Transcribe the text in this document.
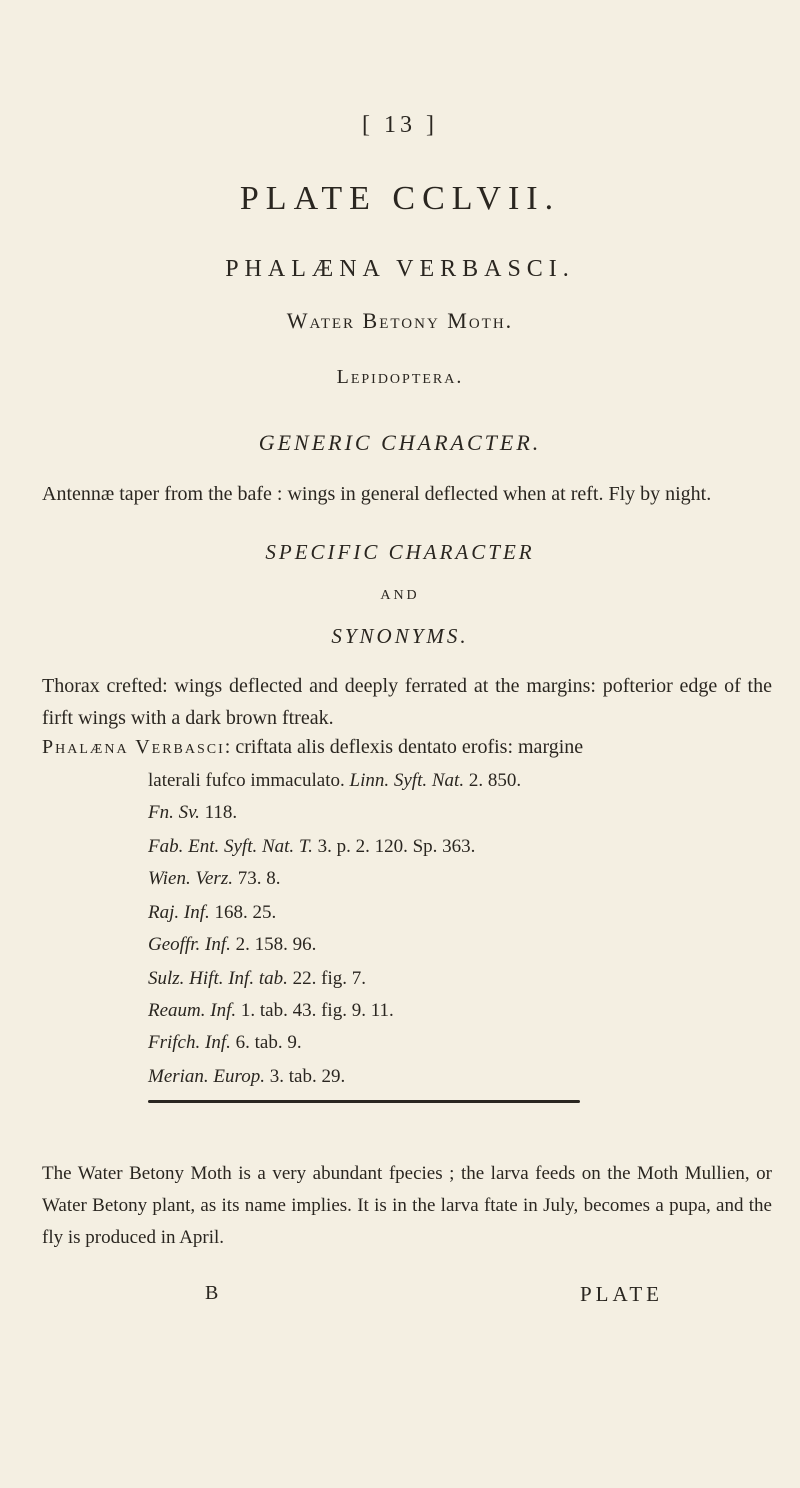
[ 13 ]
PLATE CCLVII.
PHALÆNA VERBASCI.
Water Betony Moth.
Lepidoptera.
GENERIC CHARACTER.
Antennæ taper from the bafe : wings in general deflected when at reft. Fly by night.
SPECIFIC CHARACTER
AND
SYNONYMS.
Thorax crefted: wings deflected and deeply ferrated at the margins: pofterior edge of the firft wings with a dark brown ftreak.
Phalæna Verbasci: criftata alis deflexis dentato erofis: margine
laterali fufco immaculato. Linn. Syft. Nat. 2. 850.
Fn. Sv. 118.
Fab. Ent. Syft. Nat. T. 3. p. 2. 120. Sp. 363.
Wien. Verz. 73. 8.
Raj. Inf. 168. 25.
Geoffr. Inf. 2. 158. 96.
Sulz. Hift. Inf. tab. 22. fig. 7.
Reaum. Inf. 1. tab. 43. fig. 9. 11.
Frifch. Inf. 6. tab. 9.
Merian. Europ. 3. tab. 29.
The Water Betony Moth is a very abundant fpecies ; the larva feeds on the Moth Mullien, or Water Betony plant, as its name implies. It is in the larva ftate in July, becomes a pupa, and the fly is produced in April.
B	PLATE
